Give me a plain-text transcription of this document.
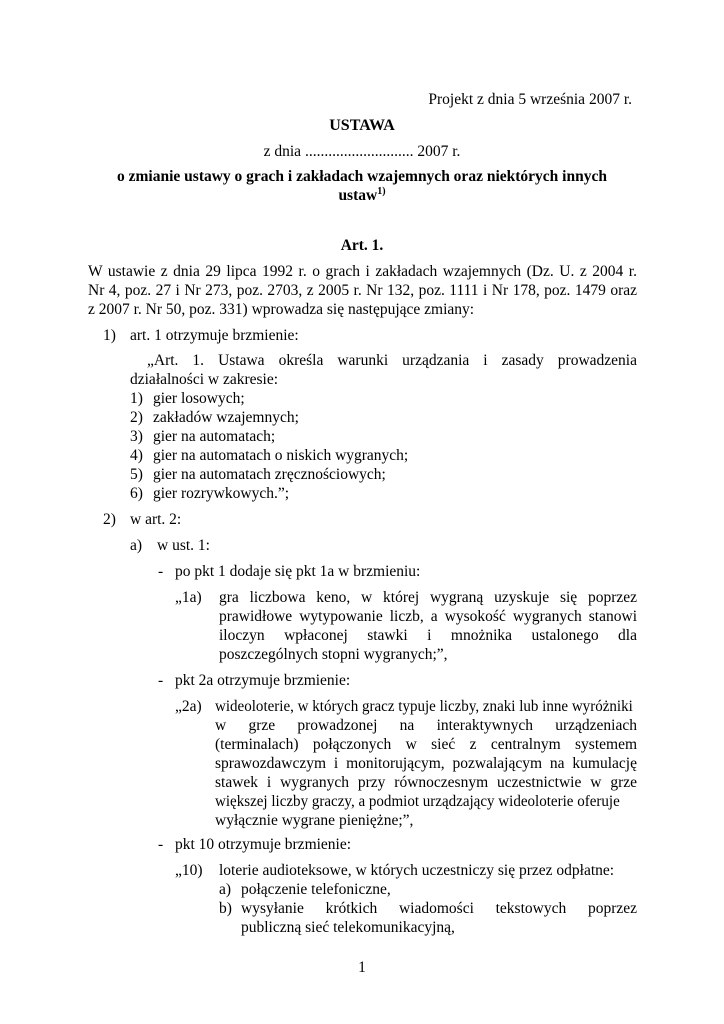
Projekt z dnia 5 września 2007 r.
USTAWA
z dnia ............................ 2007 r.
o zmianie ustawy o grach i zakładach wzajemnych oraz niektórych innych
ustaw$^{1)}$
Art. 1.
W ustawie z dnia 29 lipca 1992 r. o grach i zakładach wzajemnych (Dz. U. z 2004 r.
Nr 4, poz. 27 i Nr 273, poz. 2703, z 2005 r. Nr 132, poz. 1111 i Nr 178, poz. 1479 oraz
z 2007 r. Nr 50, poz. 331) wprowadza się następujące zmiany:
1) art. 1 otrzymuje brzmienie:
„Art. 1. Ustawa określa warunki urządzania i zasady prowadzenia
działalności w zakresie:
1) gier losowych;
2) zakładów wzajemnych;
3) gier na automatach;
4) gier na automatach o niskich wygranych;
5) gier na automatach zręcznościowych;
6) gier rozrywkowych.”;
2) w art. 2:
a) w ust. 1:
- po pkt 1 dodaje się pkt 1a w brzmieniu:
„1a) gra liczbowa keno, w której wygraną uzyskuje się poprzez
prawidłowe wytypowanie liczb, a wysokość wygranych stanowi
iloczyn wpłaconej stawki i mnożnika ustalonego dla
poszczególnych stopni wygranych;”,
- pkt 2a otrzymuje brzmienie:
„2a) wideoloterie, w których gracz typuje liczby, znaki lub inne wyróżniki
w grze prowadzonej na interaktywnych urządzeniach
(terminalach) połączonych w sieć z centralnym systemem
sprawozdawczym i monitorującym, pozwalającym na kumulację
stawek i wygranych przy równoczesnym uczestnictwie w grze
większej liczby graczy, a podmiot urządzający wideoloterie oferuje
wyłącznie wygrane pieniężne;”,
- pkt 10 otrzymuje brzmienie:
„10) loterie audioteksowe, w których uczestniczy się przez odpłatne:
a) połączenie telefoniczne,
b) wysyłanie krótkich wiadomości tekstowych poprzez
publiczną sieć telekomunikacyjną,
1
